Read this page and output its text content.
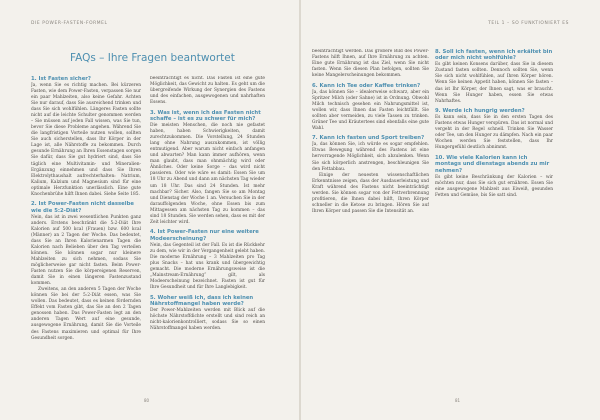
DIE POWER-FASTEN-FORMEL	TEIL 1 – SO FUNKTIONIERT ES
FAQs – Ihre Fragen beantwortet
1. Ist Fasten sicher?

Ja, wenn Sie es richtig machen. Bei kürzeren Fasten, wie dem Power-Fasten, verpassen Sie nur ein paar Mahlzeiten, also keine Gefahr. Achten Sie nur darauf, dass Sie ausreichend trinken und dass Sie sich wohlfühlen. Längeres Fasten sollte nicht auf die leichte Schulter genommen werden – Sie müssen auf jeden Fall wissen, was Sie tun, bevor Sie diese Probleme angehen. Während Sie die langfristigen Vorteile nutzen wollen, sollten Sie auch sicherstellen, dass Ihr Körper in der Lage ist, alle Nährstoffe zu bekommen. Durch gesunde Ernährung an Ihren Essenstagen sorgen Sie dafür, dass Sie gut hydriert sind, dass Sie täglich eine Multivitamin- und Mineralien-Ergänzung einnehmen und dass Sie Ihren Elektrolythaushalt aufrechterhalten: Natrium, Kalium, Kalzium und Magnesium sind für eine optimale Herzfunktion unerlässlich. Eine gute Knochenbrühe hilft Ihnen dabei. Siehe Seite 185.

2. Ist Power-Fasten nicht dasselbe wie die 5:2-Diät?

Nein, das ist in zwei wesentlichen Punkten ganz anders. Erstens beschränkt die 5:2-Diät Ihre Kalorien auf 500 kcal (Frauen) bzw. 600 kcal (Männer) an 2 Tagen der Woche. Das bedeutet, dass Sie an Ihren Kalorienarmen Tagen die Kalorien nach Belieben über den Tag verteilen können. Sie können sogar nur kleinere Mahlzeiten zu sich nehmen, sodass Sie möglicherweise gar nicht fasten. Beim Power-Fasten nutzen Sie die körpereigenen Reserven, damit Sie in einen längeren Fastenzustand kommen.

Zweitens, an den anderen 5 Tagen der Woche können Sie bei der 5:2-Diät essen, was Sie wollen. Das bedeutet, dass es keinen fördernden Effekt vom Fasten gibt, das Sie an den 2 Tagen genossen haben. Das Power-Fasten legt an den anderen Tagen Wert auf eine gesunde, ausgewogene Ernährung, damit Sie die Vorteile des Fastens maximieren und optimal für Ihre Gesundheit sorgen.

beeinträchtigt es nicht. Das Fasten ist eine gute Möglichkeit, das Gewicht zu halten. Es geht um die übergreifende Wirkung der Synergien des Fastens und des einfachen, ausgewogenen und nahrhaften Essens.

3. Was ist, wenn ich das Fasten nicht schaffe – ist es zu schwer für mich?

Die meisten Menschen, die noch nie gefastet haben, haben Schwierigkeiten, damit zurechtzukommen. Die Vorstellung, 24 Stunden lang ohne Nahrung auszukommen, ist völlig entmutigend. Aber warum nicht einfach anfangen und abwarten? Man kann immer aufhören, wenn man glaubt, dass man ohnmächtig wird oder Ähnliches. Oder keine Sorge – das wird nicht passieren. Oder wie wäre es damit: Essen Sie um 18 Uhr zu Abend und dann am nächsten Tag wieder um 18 Uhr. Das sind 24 Stunden. Ist mehr machbar? Sicher. Also, fangen Sie so am Montag und Dienstag der Woche 1 an. Versuchen Sie in der darauffolgenden Woche, ohne Essen bis zum Mittagessen am nächsten Tag zu kommen – das sind 18 Stunden. Sie werden sehen, dass es mit der Zeit leichter wird.

4. Ist Power-Fasten nur eine weitere Modeerscheinung?

Nein, das Gegenteil ist der Fall. Es ist die Rückkehr zu dem, wie wir in der Vergangenheit gelebt haben. Die moderne Ernährung – 3 Mahlzeiten pro Tag plus Snacks – hat uns krank und übergewichtig gemacht. Die moderne Ernährungsweise ist die „Mainstream-Ernährung“ gilt, als Modeerscheinung bezeichnet. Fasten ist gut für Ihre Gesundheit und für Ihre Langlebigkeit.

5. Woher weiß ich, dass ich keinen Nährstoffmangel haben werde?

Der Power-Mahlzeiten werden mit Blick auf die höchste Nährstoffdichte erstellt und sind reich an nicht-kalorienkontrolliert, sodass Sie so einen Nährstoffmangel haben werden.

beeinträchtigt werden. Das größere Bild des Power-Fastens hilft Ihnen, auf Ihre Ernährung zu achten. Eine gute Ernährung ist das Ziel, wenn Sie nicht fasten. Wenn Sie diesen Plan befolgen, sollten Sie keine Mangelerscheinungen bekommen.

6. Kann ich Tee oder Kaffee trinken?

Ja, das können Sie – idealerweise schwarz, aber ein Spritzer Milch (oder Sahne) ist in Ordnung. Obwohl Milch technisch gesehen ein Nahrungsmittel ist, wollen wir, dass Ihnen das Fasten leichtfällt. Sie sollten aber vermeiden, zu viele Tassen zu trinken. Grüner Tee und Kräutertees sind ebenfalls eine gute Wahl.

7. Kann ich fasten und Sport treiben?

Ja, das können Sie, ich würde es sogar empfehlen. Etwas Bewegung während des Fastens ist eine hervorragende Möglichkeit, sich abzulenken. Wenn Sie sich körperlich anstrengen, beschleunigen Sie den Fettabbau.

Einige der neuesten wissenschaftlichen Erkenntnisse zeigen, dass der Ausdauerleistung und Kraft während des Fastens nicht beeinträchtigt werden. Sie können sogar von der Fettverbrennung profitieren, die Ihnen dabei hilft, Ihren Körper schneller in die Ketose zu bringen. Hören Sie auf Ihren Körper und passen Sie die Intensität an.

8. Soll ich fasten, wenn ich erkältet bin oder mich nicht wohlfühle?

Es gibt keinen Konsens darüber, dass Sie in diesem Zustand fasten sollten. Dennoch sollten Sie, wenn Sie sich nicht wohlfühlen, auf Ihren Körper hören. Wenn Sie keinen Appetit haben, können Sie fasten – das ist Ihr Körper, der Ihnen sagt, was er braucht. Wenn Sie Hunger haben, essen Sie etwas Nahrhaftes.

9. Werde ich hungrig werden?

Es kann sein, dass Sie in den ersten Tagen des Fastens etwas Hunger verspüren. Das ist normal und vergeht in der Regel schnell. Trinken Sie Wasser oder Tee, um den Hunger zu dämpfen. Nach ein paar Wochen werden Sie feststellen, dass Ihr Hungergefühl deutlich abnimmt.

10. Wie viele Kalorien kann ich montags und dienstags abends zu mir nehmen?

Es gibt keine Beschränkung der Kalorien – wir möchten nur, dass Sie sich gut ernähren. Essen Sie eine ausgewogene Mahlzeit aus Eiweiß, gesunden Fetten und Gemüse, bis Sie satt sind.

80	81
